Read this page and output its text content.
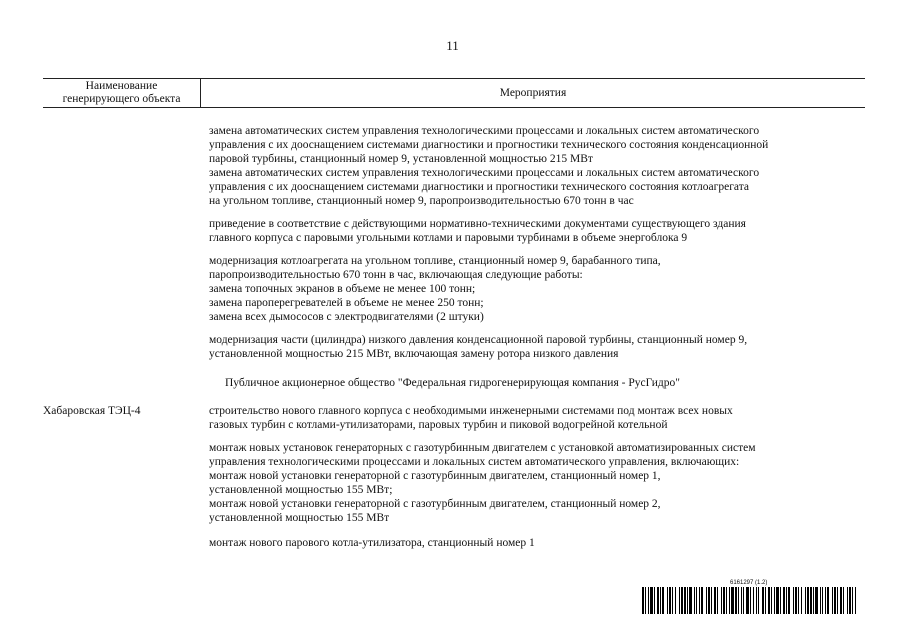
11
Наименование
генерирующего объекта	Мероприятия
замена автоматических систем управления технологическими процессами и локальных систем автоматического
управления с их дооснащением системами диагностики и прогностики технического состояния конденсационной
паровой турбины, станционный номер 9, установленной мощностью 215 МВт
замена автоматических систем управления технологическими процессами и локальных систем автоматического
управления с их дооснащением системами диагностики и прогностики технического состояния котлоагрегата
на угольном топливе, станционный номер 9, паропроизводительностью 670 тонн в час
приведение в соответствие с действующими нормативно-техническими документами существующего здания
главного корпуса с паровыми угольными котлами и паровыми турбинами в объеме энергоблока 9
модернизация котлоагрегата на угольном топливе, станционный номер 9, барабанного типа,
паропроизводительностью 670 тонн в час, включающая следующие работы:
замена топочных экранов в объеме не менее 100 тонн;
замена пароперегревателей в объеме не менее 250 тонн;
замена всех дымососов с электродвигателями (2 штуки)
модернизация части (цилиндра) низкого давления конденсационной паровой турбины, станционный номер 9,
установленной мощностью 215 МВт, включающая замену ротора низкого давления
Публичное акционерное общество "Федеральная гидрогенерирующая компания - РусГидро"
Хабаровская ТЭЦ-4	строительство нового главного корпуса с необходимыми инженерными системами под монтаж всех новых
газовых турбин с котлами-утилизаторами, паровых турбин и пиковой водогрейной котельной
монтаж новых установок генераторных с газотурбинным двигателем с установкой автоматизированных систем
управления технологическими процессами и локальных систем автоматического управления, включающих:
монтаж новой установки генераторной с газотурбинным двигателем, станционный номер 1,
установленной мощностью 155 МВт;
монтаж новой установки генераторной с газотурбинным двигателем, станционный номер 2,
установленной мощностью 155 МВт
монтаж нового парового котла-утилизатора, станционный номер 1
6161297 (1.2)
